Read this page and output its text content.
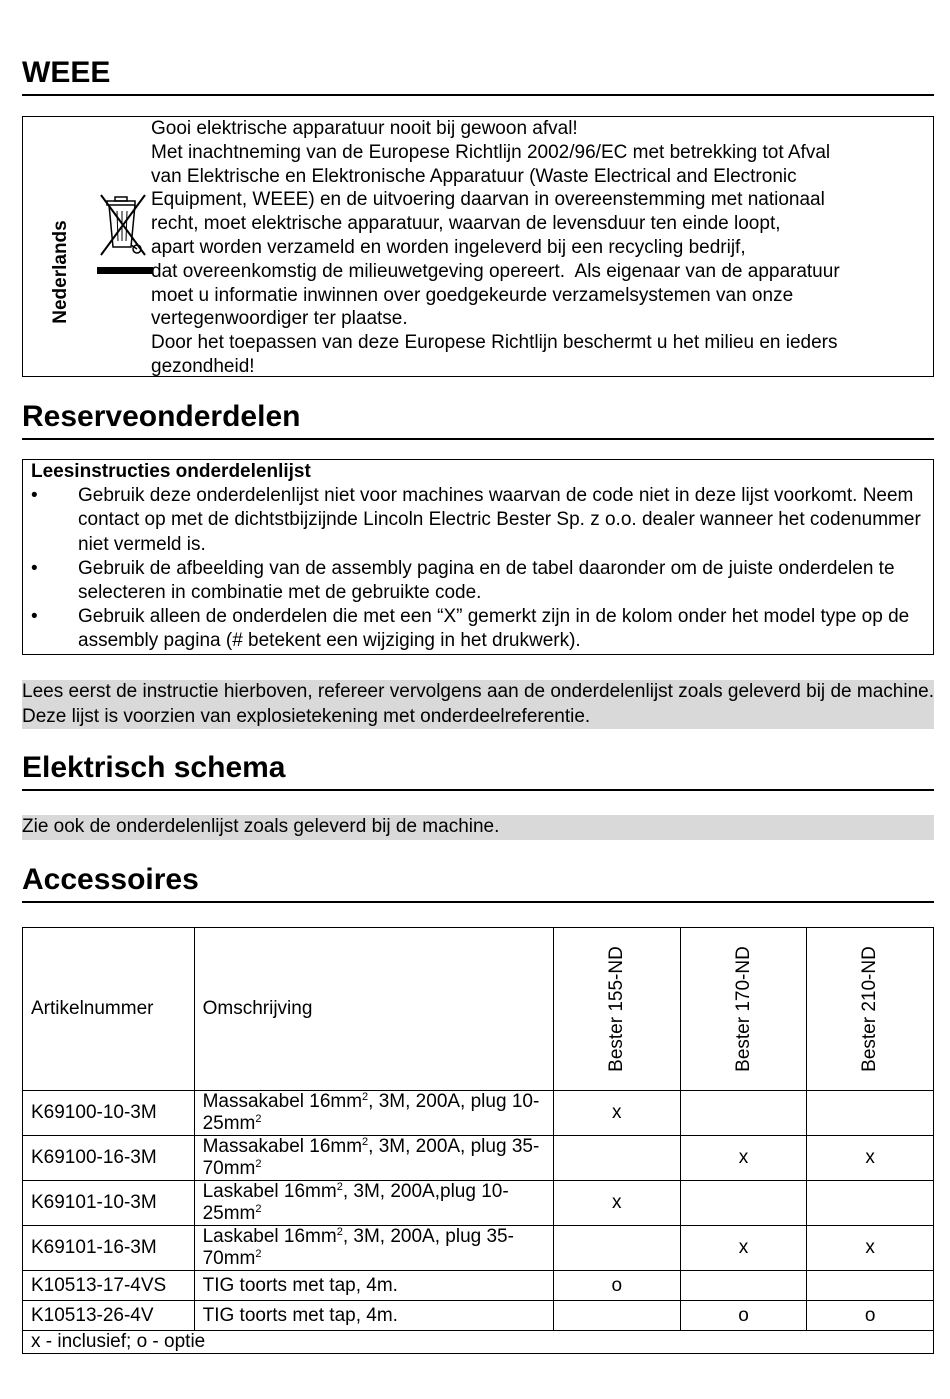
WEEE
Nederlands

Gooi elektrische apparatuur nooit bij gewoon afval!

Met inachtneming van de Europese Richtlijn 2002/96/EC met betrekking tot Afval

van Elektrische en Elektronische Apparatuur (Waste Electrical and Electronic

Equipment, WEEE) en de uitvoering daarvan in overeenstemming met nationaal

recht, moet elektrische apparatuur, waarvan de levensduur ten einde loopt,

apart worden verzameld en worden ingeleverd bij een recycling bedrijf,

dat overeenkomstig de milieuwetgeving opereert.  Als eigenaar van de apparatuur

moet u informatie inwinnen over goedgekeurde verzamelsystemen van onze

vertegenwoordiger ter plaatse.

Door het toepassen van deze Europese Richtlijn beschermt u het milieu en ieders

gezondheid!

Reserveonderdelen
Leesinstructies onderdelenlijst
• Gebruik deze onderdelenlijst niet voor machines waarvan de code niet in deze lijst voorkomt. Neem contact op met de dichtstbijzijnde Lincoln Electric Bester Sp. z o.o. dealer wanneer het codenummer niet vermeld is.
• Gebruik de afbeelding van de assembly pagina en de tabel daaronder om de juiste onderdelen te selecteren in combinatie met de gebruikte code.
• Gebruik alleen de onderdelen die met een “X” gemerkt zijn in de kolom onder het model type op de assembly pagina (# betekent een wijziging in het drukwerk).
Lees eerst de instructie hierboven, refereer vervolgens aan de onderdelenlijst zoals geleverd bij de machine. Deze lijst is voorzien van explosietekening met onderdeelreferentie.
Elektrisch schema
Zie ook de onderdelenlijst zoals geleverd bij de machine.
Accessoires
Artikelnummer	Omschrijving	Bester 155-ND	Bester 170-ND	Bester 210-ND
K69100-10-3M	Massakabel $16mm^2$, 3M, 200A, plug $10-25mm^2$	x		
K69100-16-3M	Massakabel $16mm^2$, 3M, 200A, plug $35-70mm^2$		x	x
K69101-10-3M	Laskabel $16mm^2$, 3M, 200A,plug $10-25mm^2$	x		
K69101-16-3M	Laskabel $16mm^2$, 3M, 200A, plug $35-70mm^2$		x	x
K10513-17-4VS	TIG toorts met tap, 4m.	o		
K10513-26-4V	TIG toorts met tap, 4m.		o	o
x - inclusief; o - optie				
